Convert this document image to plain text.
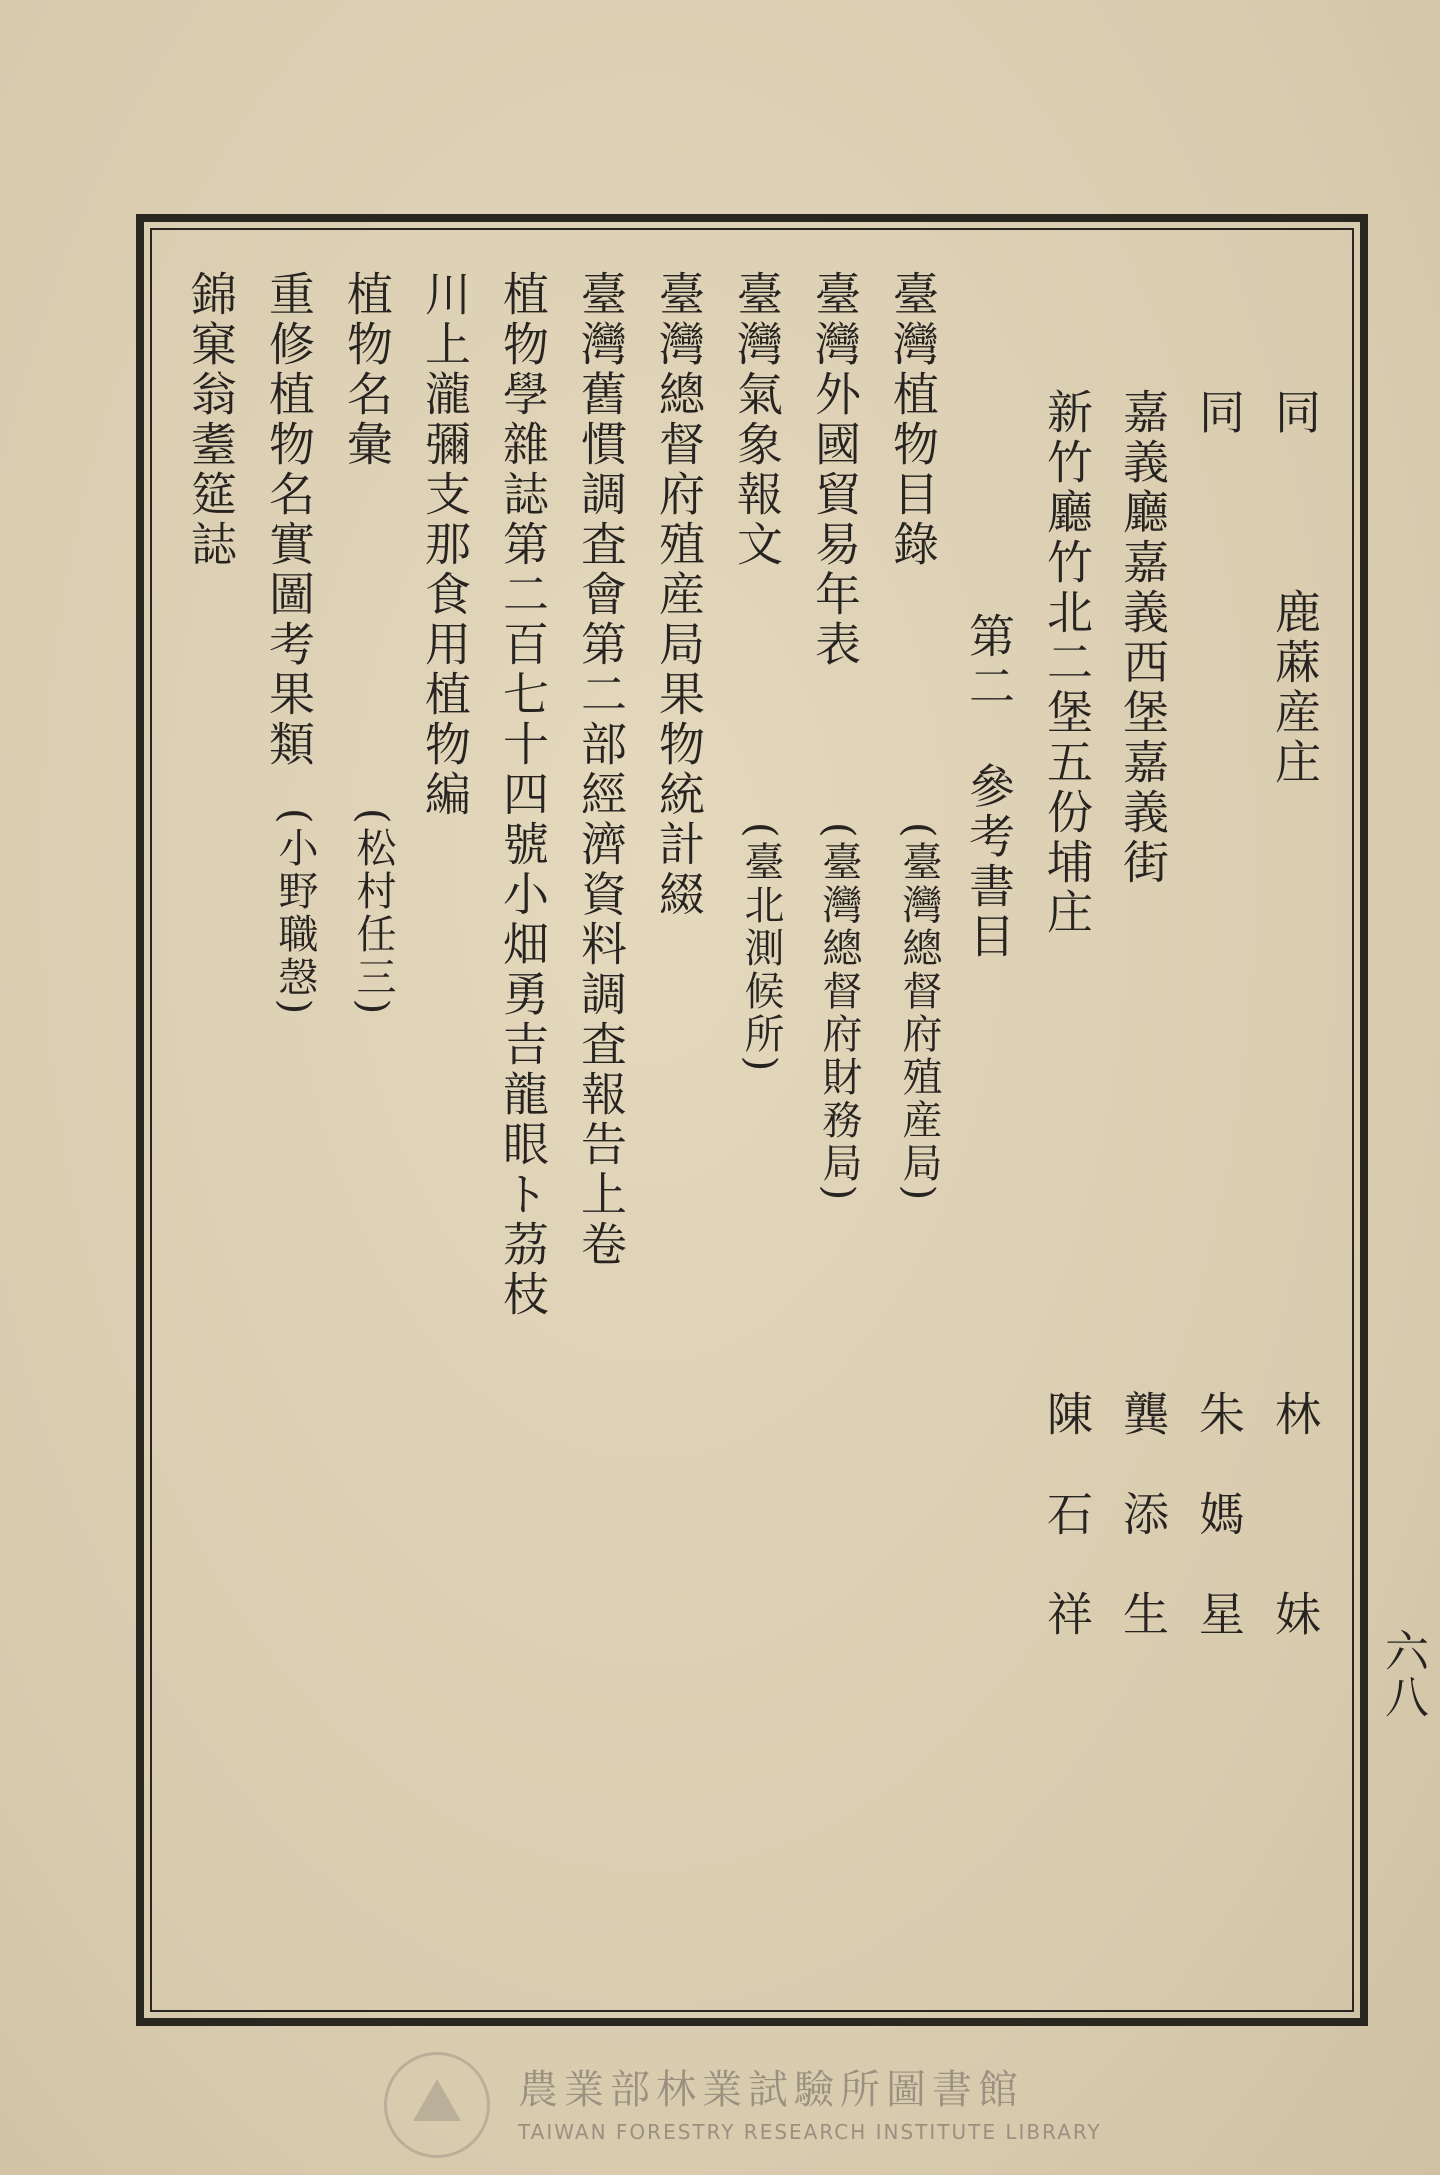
同　　　鹿蔴産庄
同
嘉義廳嘉義西堡嘉義街
新竹廳竹北二堡五份埔庄
第二　參考書目
林　　　妹
朱　媽　星
龔　添　生
陳　石　祥
臺灣植物目錄
(臺灣總督府殖産局)
臺灣外國貿易年表
(臺灣總督府財務局)
臺灣氣象報文
(臺北測候所)
臺灣總督府殖産局果物統計綴
臺灣舊慣調査會第二部經濟資料調査報告上卷
植物學雜誌第二百七十四號小畑勇吉龍眼ト茘枝
川上瀧彌支那食用植物編
植物名彙
(松村任三)
重修植物名實圖考果類
(小野職愨)
錦窠翁耋筵誌
六八
農業部林業試驗所圖書館
TAIWAN FORESTRY RESEARCH INSTITUTE LIBRARY
